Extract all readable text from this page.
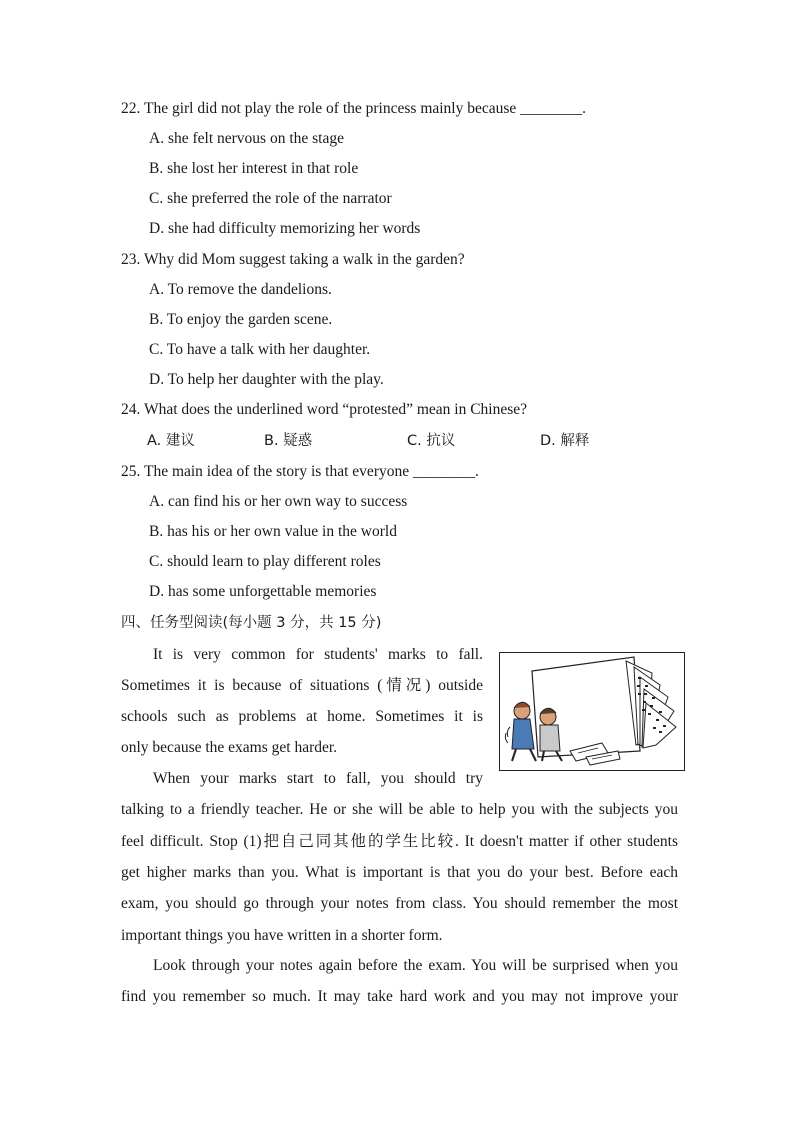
22. The girl did not play the role of the princess mainly because ________.
A. she felt nervous on the stage
B. she lost her interest in that role
C. she preferred the role of the narrator
D. she had difficulty memorizing her words
23. Why did Mom suggest taking a walk in the garden?
A. To remove the dandelions.
B. To enjoy the garden scene.
C. To have a talk with her daughter.
D. To help her daughter with the play.
24. What does the underlined word “protested” mean in Chinese?
A. 建议	B. 疑惑	C. 抗议	D. 解释
25. The main idea of the story is that everyone ________.
A. can find his or her own way to success
B. has his or her own value in the world
C. should learn to play different roles
D. has some unforgettable memories
四、任务型阅读(每小题 3 分，共 15 分)
It is very common for students' marks to fall.
Sometimes it is because of situations (情况) outside
schools such as problems at home. Sometimes it is
only because the exams get harder.
When your marks start to fall, you should try
talking to a friendly teacher. He or she will be able to help you with the subjects you
feel difficult. Stop (1)把自己同其他的学生比较. It doesn't matter if other students
get higher marks than you. What is important is that you do your best. Before each
exam, you should go through your notes from class. You should remember the most
important things you have written in a shorter form.
Look through your notes again before the exam. You will be surprised when you
find you remember so much. It may take hard work and you may not improve your
